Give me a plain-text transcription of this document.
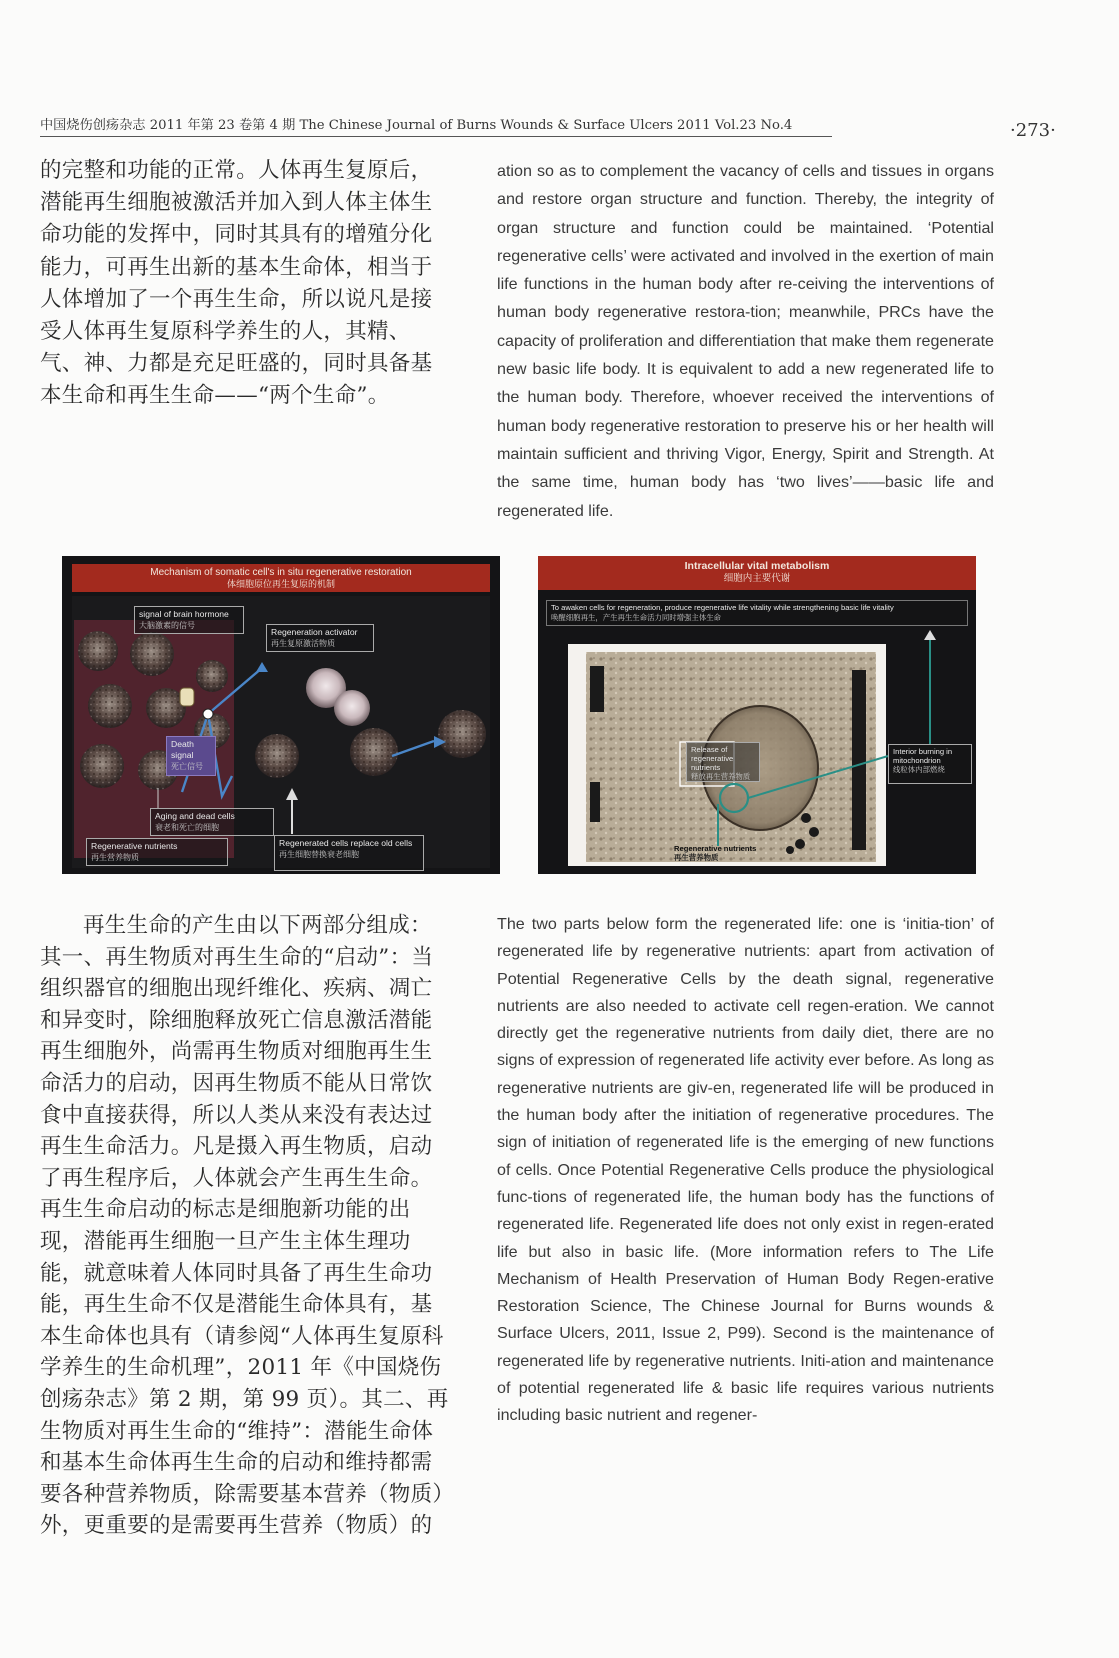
中国烧伤创疡杂志 2011 年第 23 卷第 4 期 The Chinese Journal of Burns Wounds & Surface Ulcers 2011 Vol.23 No.4	·273·

的完整和功能的正常。人体再生复原后，潜能再生细胞被激活并加入到人体主体生命功能的发挥中，同时其具有的增殖分化能力，可再生出新的基本生命体，相当于人体增加了一个再生生命，所以说凡是接受人体再生复原科学养生的人，其精、气、神、力都是充足旺盛的，同时具备基本生命和再生生命——“两个生命”。

ation so as to complement the vacancy of cells and tissues in organs and restore organ structure and function. Thereby, the integrity of organ structure and function could be maintained. ‘Potential regenerative cells’ were activated and involved in the exertion of main life functions in the human body after re-ceiving the interventions of human body regenerative restora-tion; meanwhile, PRCs have the capacity of proliferation and differentiation that make them regenerate new basic life body. It is equivalent to add a new regenerated life to the human body. Therefore, whoever received the interventions of human body regenerative restoration to preserve his or her health will maintain sufficient and thriving Vigor, Energy, Spirit and Strength. At the same time, human body has ‘two lives’——basic life and regenerated life.

Mechanism of somatic cell's in situ regenerative restoration
体细胞原位再生复原的机制
signal of brain hormone
大脑激素的信号
Regeneration activator
再生复原激活物质
Death signal
死亡信号
Aging and dead cells
衰老和死亡的细胞
Regenerative nutrients
再生营养物质
Regenerated cells replace old cells
再生细胞替换衰老细胞
Intracellular vital metabolism
细胞内主要代谢
To awaken cells for regeneration, produce regenerative life vitality while strengthening basic life vitality
唤醒细胞再生，产生再生生命活力同时增强主体生命
Release of regenerative nutrients
释放再生营养物质
Interior burning in mitochondrion
线粒体内部燃烧
Regenerative nutrients
再生营养物质

再生生命的产生由以下两部分组成：其一、再生物质对再生生命的“启动”：当组织器官的细胞出现纤维化、疾病、凋亡和异变时，除细胞释放死亡信息激活潜能再生细胞外，尚需再生物质对细胞再生生命活力的启动，因再生物质不能从日常饮食中直接获得，所以人类从来没有表达过再生生命活力。凡是摄入再生物质，启动了再生程序后，人体就会产生再生生命。再生生命启动的标志是细胞新功能的出现，潜能再生细胞一旦产生主体生理功能，就意味着人体同时具备了再生生命功能，再生生命不仅是潜能生命体具有，基本生命体也具有（请参阅“人体再生复原科学养生的生命机理”，2011 年《中国烧伤创疡杂志》第 2 期，第 99 页）。其二、再生物质对再生生命的“维持”：潜能生命体和基本生命体再生生命的启动和维持都需要各种营养物质，除需要基本营养（物质）外，更重要的是需要再生营养（物质）的

The two parts below form the regenerated life: one is ‘initia-tion’ of regenerated life by regenerative nutrients: apart from activation of Potential Regenerative Cells by the death signal, regenerative nutrients are also needed to activate cell regen-eration. We cannot directly get the regenerative nutrients from daily diet, there are no signs of expression of regenerated life activity ever before. As long as regenerative nutrients are giv-en, regenerated life will be produced in the human body after the initiation of regenerative procedures. The sign of initiation of regenerated life is the emerging of new functions of cells. Once Potential Regenerative Cells produce the physiological func-tions of regenerated life, the human body has the functions of regenerated life. Regenerated life does not only exist in regen-erated life but also in basic life. (More information refers to The Life Mechanism of Health Preservation of Human Body Regen-erative Restoration Science, The Chinese Journal for Burns wounds & Surface Ulcers, 2011, Issue 2, P99). Second is the maintenance of regenerated life by regenerative nutrients. Initi-ation and maintenance of potential regenerated life & basic life requires various nutrients including basic nutrient and regener-
